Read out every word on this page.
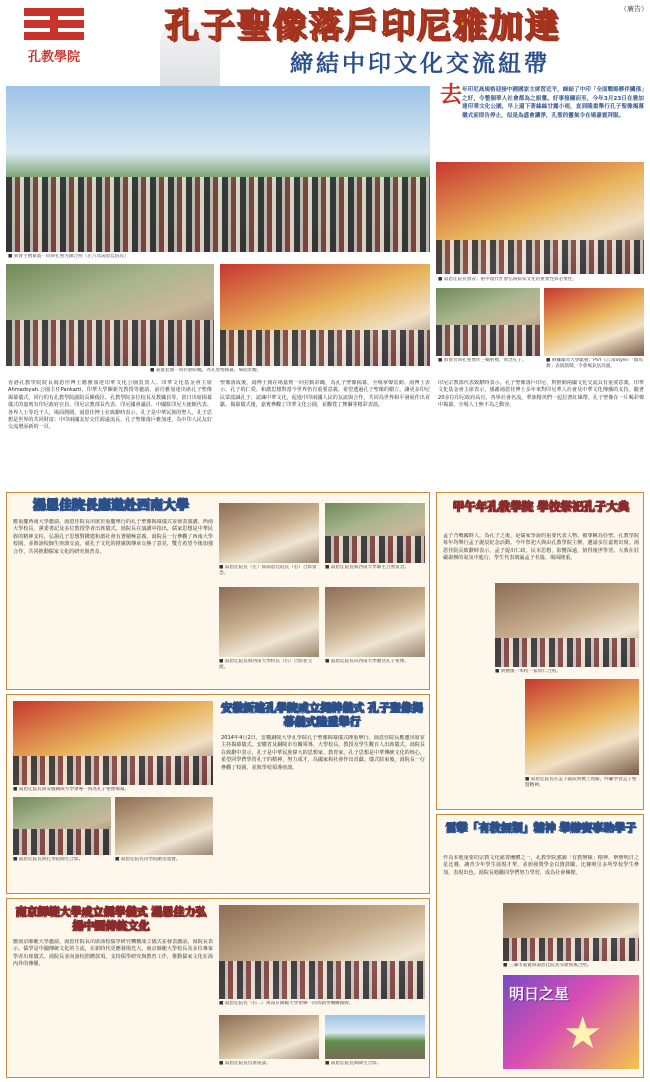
孔教學院
孔子聖像落戶印尼雅加達	（廣告）
締結中印文化交流紐帶
■ 與會主禮嘉賓一同與孔聖先師合照（左六為湯恩佳院長）
去 年印尼高規格迎接中國國家主席習近平，締結了中印「全面戰略夥伴關係」之好，令整個華人社會都為之振奮。好事接踵而至，今年3月23日在雅加達印華文化公園，早上還下著絲絲甘露小雨，直到隆重舉行孔子聖像揭幕儀式前即告停止，似是為盛會讓淨，孔聖的靈氣令在場嘉賓拜服。
■ 湯恩佳院長發表；重申現代社會弘揚儒家文化的重要性與必要性。
■ 嘉賓套圈一同拉動彩繩，為孔聖像揭幕，場面壯觀。
■ 與會者與孔聖像作三鞠躬禮，悼念孔子。	■ 舞獅團為大會獻藝；PSY《江南Style》「騎馬舞」表演熱鬧，令會場氣氛高漲。
香港孔教學院院長湯恩佳博士應雅加達印華文化公園負責人、印華文化基金會主席Ahmadsyah.公園主任Pankarti，印華大學陳新光教授等邀請，前往雅加達出席孔子聖像揭幕儀式，同行的有孔教學院副院長陳俊臣、孔教學院多位校長及教職員等。當日出席揭幕儀式的嘉賓有印尼政府官員、印尼宗教部長代表、印尼國會議員、中國駐印尼大使館代表、各界人士等近千人，場面熱鬧。湯恩佳博士在致辭時表示，孔子是中華民族的聖人，孔子思想是世界的共同財富；中印兩國友好交往源遠流長，孔子聖像落戶雅加達，為中印人民友好交流增添新的一頁。
聖像落成後，湯博士與在場嘉賓一同拉動彩繩，為孔子聖像揭幕，全場掌聲雷動。湯博士表示，孔子的仁愛、和諧思想對當今世界仍有重要意義，希望透過孔子聖像的樹立，讓更多印尼民眾認識孔子、認識中華文化，促進中印兩國人民的友誼與合作，共同為世界和平發展作出貢獻。揭幕儀式後，嘉賓參觀了印華文化公園，並觀賞了舞獅等精彩表演。
印尼宗教部代表致辭時表示，孔子聖像落戶印尼，對推動兩國文化交流具有重要意義。印華文化基金會主席表示，感謝湯恩佳博士多年來對印尼華人社會及中華文化傳播的支持。隨著20多位印尼政府高官、各界社會名流、華族精英們一起拉著紅絲帶，孔子聖像在一片喝彩聲中揭幕，全場人士無不為之動容。
湯恩佳院長應邀赴西南大學
應重慶西南大學邀請，湯恩佳院長出席於重慶舉行的孔子聖像揭幕儀式並發表演講。西南大學校長、黨委書記及多位教授學者出席儀式。湯院長在演講中指出，儒家思想是中華民族的精神支柱，弘揚孔子思想對構建和諧社會有著積極意義。湯院長一行參觀了西南大學校園，並與該校師生座談交流，就孔子文化的推廣與傳承交換了意見，雙方希望今後加強合作，共同推動儒家文化的研究與普及。
■ 湯恩佳院長（左）與湯恩佳院長（右）合影留念。
■ 湯恩佳院長與西南大學師生合照留念。
■ 湯恩佳院長與西南大學校長（右）合影並交流。
■ 湯恩佳院長向西南大學贈送孔子聖像。
甲午年孔教學院 學校祭祀孔子大典
孟子乃戰國時人，為孔子之後，是儒家學說的重要代表人物，被尊稱為亞聖。孔教學院每年均舉行孟子誕辰紀念活動。今年祭祀大典由孔教學院主辦，邀請多位嘉賓出席。湯恩佳院長致辭時表示，孟子提出仁政、民本思想，影響深遠，值得後世學習。大典在莊嚴肅穆的氣氛中進行，學生代表朗誦孟子名篇，場面隆重。
■ 典禮後一本校一家同仁合照。
■ 湯恩佳院長在孟子誕辰典禮上致辭，呼籲學習孟子聖賢精神。
■ 湯恩佳院長與安徽銅陵大學領導一同為孔子聖像揭幕。
■ 湯恩佳院長與孔學院師生合影。	■ 湯恩佳院長向學院贈送墨寶。
安徽新建孔學院成立揭牌儀式 孔子聖像揭幕儀式隆重舉行
2014年4月2日，安徽銅陵大學孔學院孔子聖像揭幕儀式隆重舉行。湯恩佳院長應邀出席並主持揭幕儀式。安徽省及銅陵市有關領導、大學校長、教授及學生數百人出席儀式。湯院長在致辭中表示，孔子是中華民族偉大的思想家、教育家，孔子思想是中華傳統文化的核心，希望同學們學習孔子的精神，努力成才，為國家和社會作出貢獻。儀式結束後，湯院長一行參觀了校園，並與學校領導座談。
南京師範大學成立儒學儀式 湯恩佳力弘揚中國傳統文化
應南京師範大學邀請，湯恩佳院長出席該校儒學研究機構成立儀式並發表講話。湯院長表示，儒學是中國傳統文化的主流，在新時代更應發揚光大。南京師範大學校長及多位專家學者出席儀式。湯院長並向該校捐贈款項，支持儒學研究與教育工作，推動儒家文化在海內外的傳播。
■ 湯恩佳院長（右二）與南京師範大學領導一同為儒學機構揭牌。
■ 湯恩佳院長出席座談。	■ 湯恩佳院長與師生合影。
雷擊「有教無類」精神 舉辦賽事助學子
作為本地重要的宗教文化慈善團體之一，孔教學院強調「有教無類」精神，舉辦明日之星比賽，讓青少年學生展現才華，並頒發獎學金以資鼓勵。比賽吸引多所學校學生參加，表現出色。湯院長勉勵同學們努力學習，成為社會棟樑。
■ 三藩市嘉賓與湯恩佳院長等頒獎後合照。
明日之星
★
